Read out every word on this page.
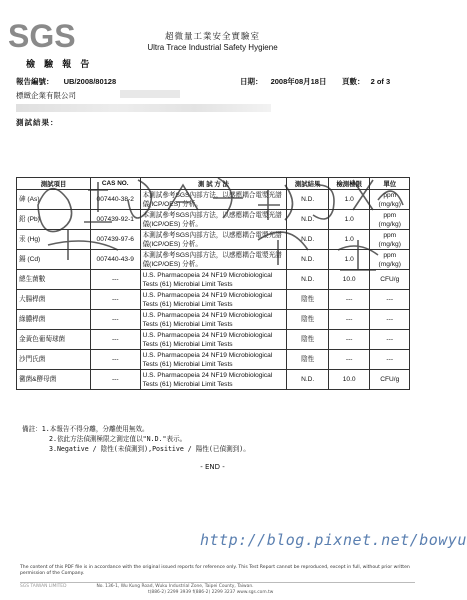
SGS	超微量工業安全實驗室
Ultra Trace Industrial Safety Hygiene
檢 驗 報 告
報告編號： UB/2008/80128	日期： 2008年08月18日 頁數： 2 of 3
標緻企業有限公司
測試結果：
測試項目	CAS NO.	測 試 方 法	測試結果	檢測極限	單位
砷 (As)	007440-38-2	本測試參考SGS內部方法，以感應耦合電漿光譜儀(ICP/OES) 分析。	N.D.	1.0	ppm (mg/kg)
鉛 (Pb)	007439-92-1	本測試參考SGS內部方法，以感應耦合電漿光譜儀(ICP/OES) 分析。	N.D.	1.0	ppm (mg/kg)
汞 (Hg)	007439-97-6	本測試參考SGS內部方法，以感應耦合電漿光譜儀(ICP/OES) 分析。	N.D.	1.0	ppm (mg/kg)
鎘 (Cd)	007440-43-9	本測試參考SGS內部方法，以感應耦合電漿光譜儀(ICP/OES) 分析。	N.D.	1.0	ppm (mg/kg)
總生菌數	---	U.S. Pharmacopeia 24 NF19 Microbiological Tests (61) Microbial Limit Tests	N.D.	10.0	CFU/g
大腸桿菌	---	U.S. Pharmacopeia 24 NF19 Microbiological Tests (61) Microbial Limit Tests	陰性	---	---
綠膿桿菌	---	U.S. Pharmacopeia 24 NF19 Microbiological Tests (61) Microbial Limit Tests	陰性	---	---
金黃色葡萄球菌	---	U.S. Pharmacopeia 24 NF19 Microbiological Tests (61) Microbial Limit Tests	陰性	---	---
沙門氏菌	---	U.S. Pharmacopeia 24 NF19 Microbiological Tests (61) Microbial Limit Tests	陰性	---	---
黴菌&酵母菌	---	U.S. Pharmacopeia 24 NF19 Microbiological Tests (61) Microbial Limit Tests	N.D.	10.0	CFU/g
備註：1.本報告不得分離，分離使用無效。
2.依此方法偵測極限之測定值以"N.D."表示。
3.Negative / 陰性(未偵測到),Positive / 陽性(已偵測到)。
- END -
http://blog.pixnet.net/bowyu
The content of this PDF file is in accordance with the original issued reports for reference only. This Test Report cannot be reproduced, except in full, without prior written permission of the Company.
SGS TAIWAN LIMITED	No. 136-1, Wu Kung Road, Wuku Industrial Zone, Taipei County, Taiwan.
t(886-2) 2299 3939 f(886-2) 2299 3237 www.sgs.com.tw
